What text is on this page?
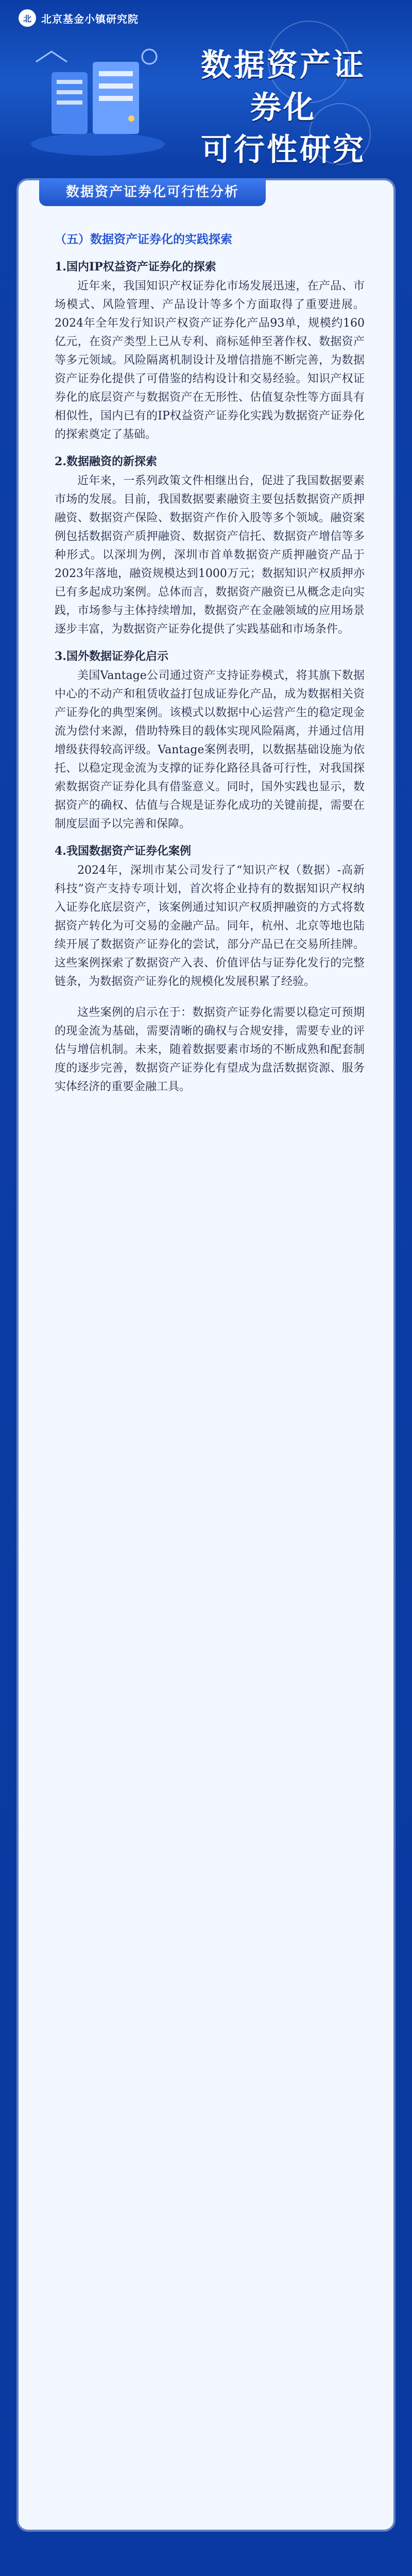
北 北京基金小镇研究院
数据资产证券化
可行性研究
数据资产证券化可行性分析
（五）数据资产证券化的实践探索
1.国内IP权益资产证券化的探索

近年来，我国知识产权证券化市场发展迅速，在产品、市场模式、风险管理、产品设计等多个方面取得了重要进展。2024年全年发行知识产权资产证券化产品93单，规模约160亿元，在资产类型上已从专利、商标延伸至著作权、数据资产等多元领域。风险隔离机制设计及增信措施不断完善，为数据资产证券化提供了可借鉴的结构设计和交易经验。知识产权证券化的底层资产与数据资产在无形性、估值复杂性等方面具有相似性，国内已有的IP权益资产证券化实践为数据资产证券化的探索奠定了基础。

2.数据融资的新探索

近年来，一系列政策文件相继出台，促进了我国数据要素市场的发展。目前，我国数据要素融资主要包括数据资产质押融资、数据资产保险、数据资产作价入股等多个领域。融资案例包括数据资产质押融资、数据资产信托、数据资产增信等多种形式。以深圳为例，深圳市首单数据资产质押融资产品于2023年落地，融资规模达到1000万元；数据知识产权质押亦已有多起成功案例。总体而言，数据资产融资已从概念走向实践，市场参与主体持续增加，数据资产在金融领域的应用场景逐步丰富，为数据资产证券化提供了实践基础和市场条件。

3.国外数据证券化启示

美国Vantage公司通过资产支持证券模式，将其旗下数据中心的不动产和租赁收益打包成证券化产品，成为数据相关资产证券化的典型案例。该模式以数据中心运营产生的稳定现金流为偿付来源，借助特殊目的载体实现风险隔离，并通过信用增级获得较高评级。Vantage案例表明，以数据基础设施为依托、以稳定现金流为支撑的证券化路径具备可行性，对我国探索数据资产证券化具有借鉴意义。同时，国外实践也显示，数据资产的确权、估值与合规是证券化成功的关键前提，需要在制度层面予以完善和保障。

4.我国数据资产证券化案例

2024年，深圳市某公司发行了“知识产权（数据）-高新科技”资产支持专项计划，首次将企业持有的数据知识产权纳入证券化底层资产，该案例通过知识产权质押融资的方式将数据资产转化为可交易的金融产品。同年，杭州、北京等地也陆续开展了数据资产证券化的尝试，部分产品已在交易所挂牌。这些案例探索了数据资产入表、价值评估与证券化发行的完整链条，为数据资产证券化的规模化发展积累了经验。

这些案例的启示在于：数据资产证券化需要以稳定可预期的现金流为基础，需要清晰的确权与合规安排，需要专业的评估与增信机制。未来，随着数据要素市场的不断成熟和配套制度的逐步完善，数据资产证券化有望成为盘活数据资源、服务实体经济的重要金融工具。
